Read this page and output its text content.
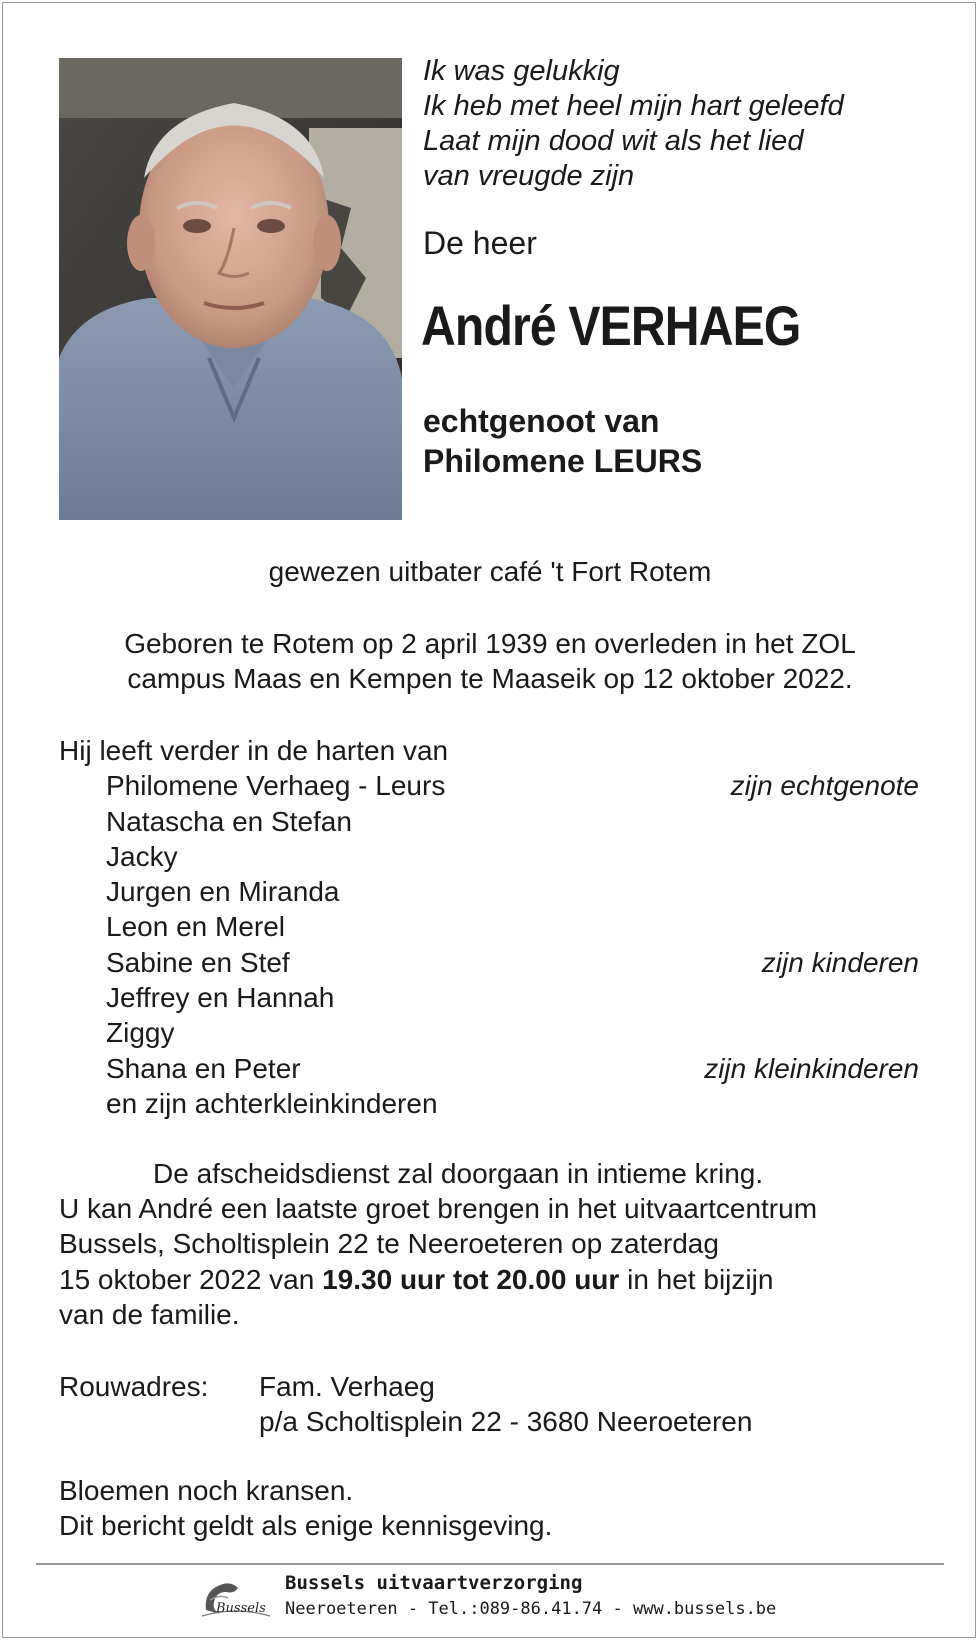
Ik was gelukkig
Ik heb met heel mijn hart geleefd
Laat mijn dood wit als het lied
van vreugde zijn
De heer
André VERHAEG
echtgenoot van
Philomene LEURS
gewezen uitbater café 't Fort Rotem
Geboren te Rotem op 2 april 1939 en overleden in het ZOL
campus Maas en Kempen te Maaseik op 12 oktober 2022.
Hij leeft verder in de harten van
Philomene Verhaeg - Leurs	zijn echtgenote
Natascha en Stefan
Jacky
Jurgen en Miranda
Leon en Merel
Sabine en Stef	zijn kinderen
Jeffrey en Hannah
Ziggy
Shana en Peter	zijn kleinkinderen
en zijn achterkleinkinderen
De afscheidsdienst zal doorgaan in intieme kring.
U kan André een laatste groet brengen in het uitvaartcentrum
Bussels, Scholtisplein 22 te Neeroeteren op zaterdag
15 oktober 2022 van 19.30 uur tot 20.00 uur in het bijzijn
van de familie.
Rouwadres: Fam. Verhaeg
p/a Scholtisplein 22 - 3680 Neeroeteren
Bloemen noch kransen.
Dit bericht geldt als enige kennisgeving.
Bussels
Bussels uitvaartverzorging
Neeroeteren - Tel.:089-86.41.74 - www.bussels.be
